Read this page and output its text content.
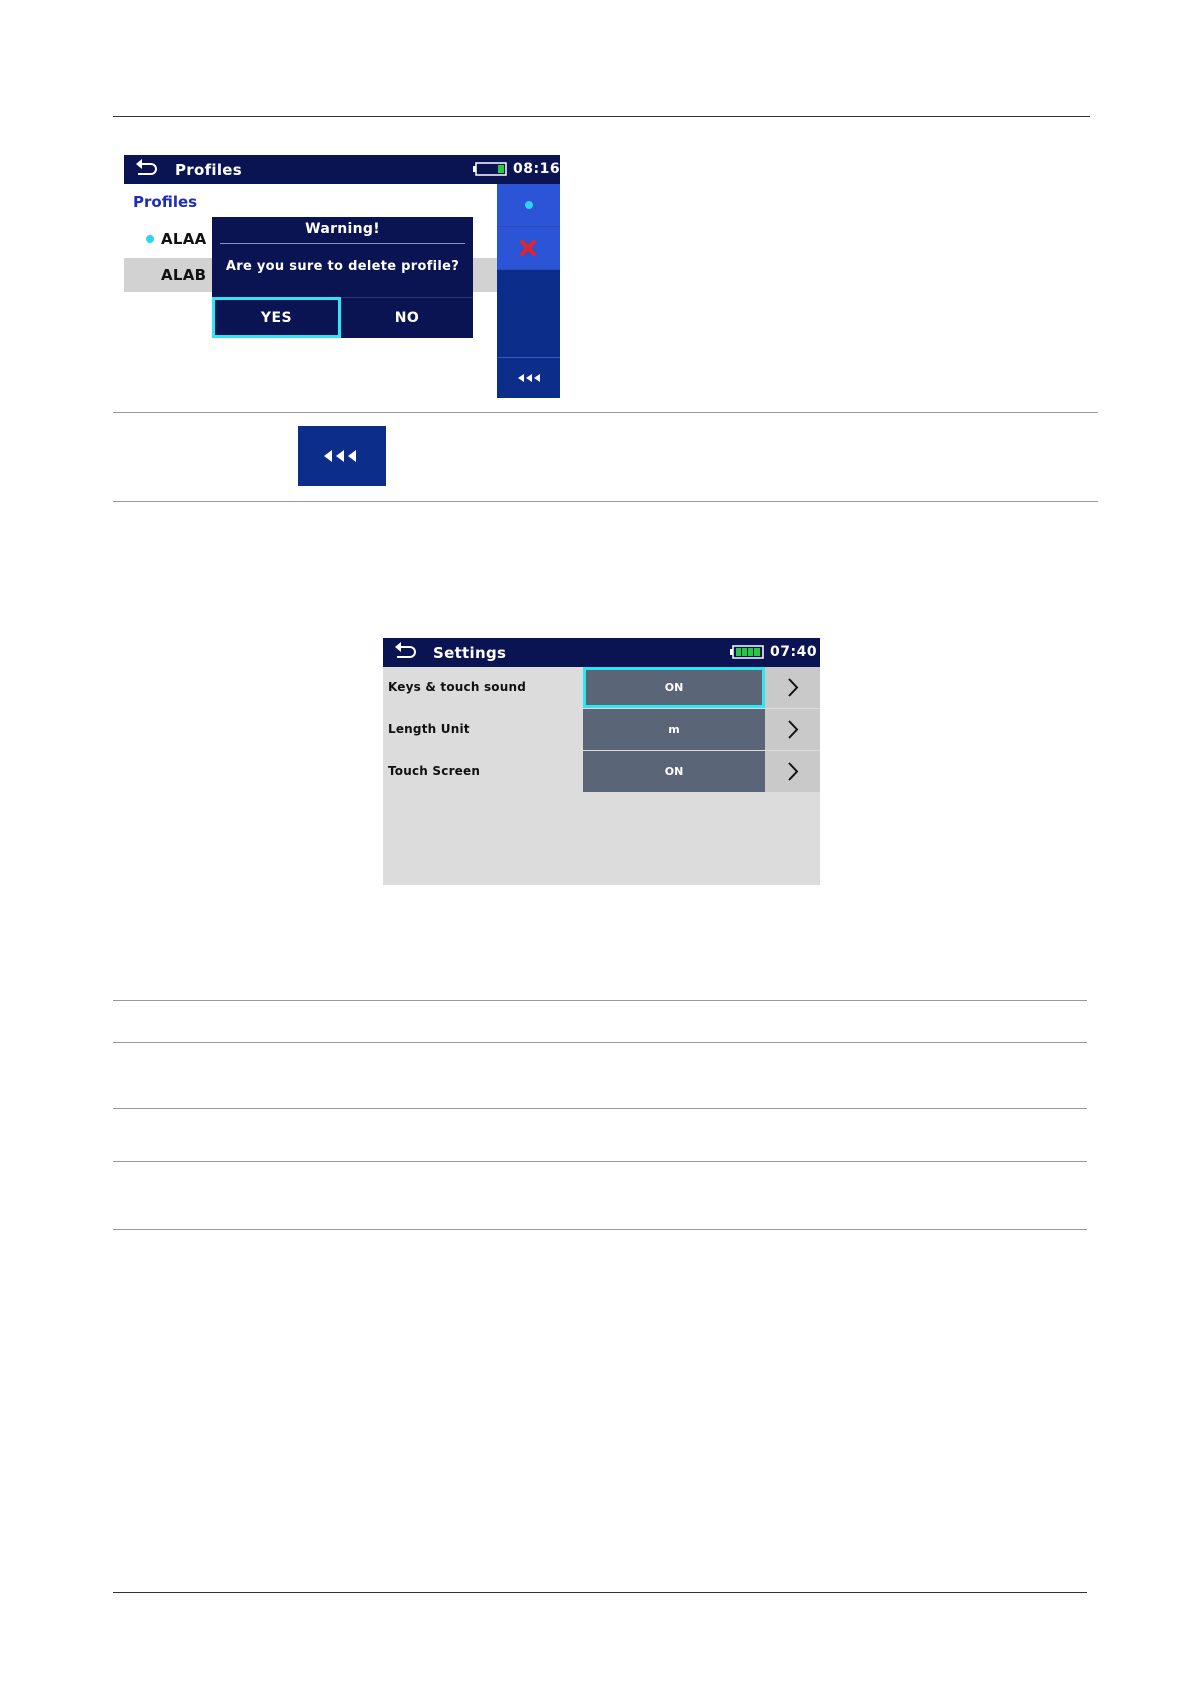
Profiles	08:16
Profiles
ALAA
ALAB
Warning!
Are you sure to delete profile?
YES	NO
Settings	07:40
Keys & touch sound	ON
Length Unit	m
Touch Screen	ON
